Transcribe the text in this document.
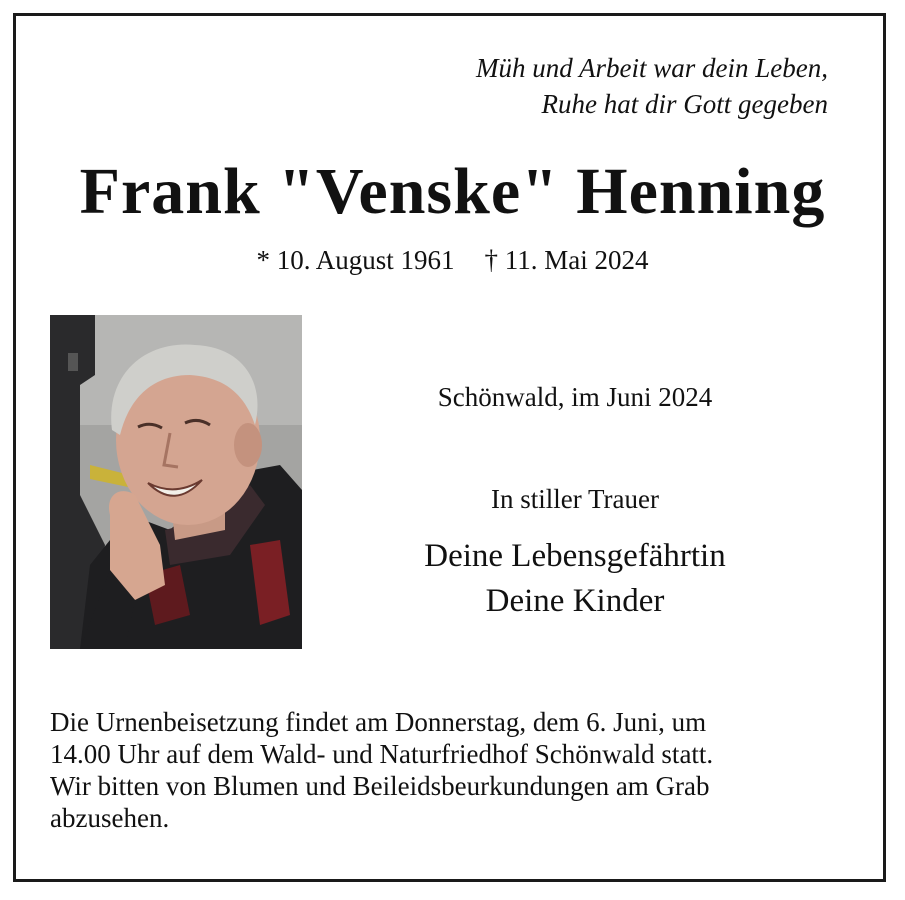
Müh und Arbeit war dein Leben,
Ruhe hat dir Gott gegeben
Frank "Venske" Henning
* 10. August 1961 † 11. Mai 2024
Schönwald, im Juni 2024
In stiller Trauer
Deine Lebensgefährtin
Deine Kinder
Die Urnenbeisetzung findet am Donnerstag, dem 6. Juni, um
14.00 Uhr auf dem Wald- und Naturfriedhof Schönwald statt.
Wir bitten von Blumen und Beileidsbeurkundungen am Grab
abzusehen.
